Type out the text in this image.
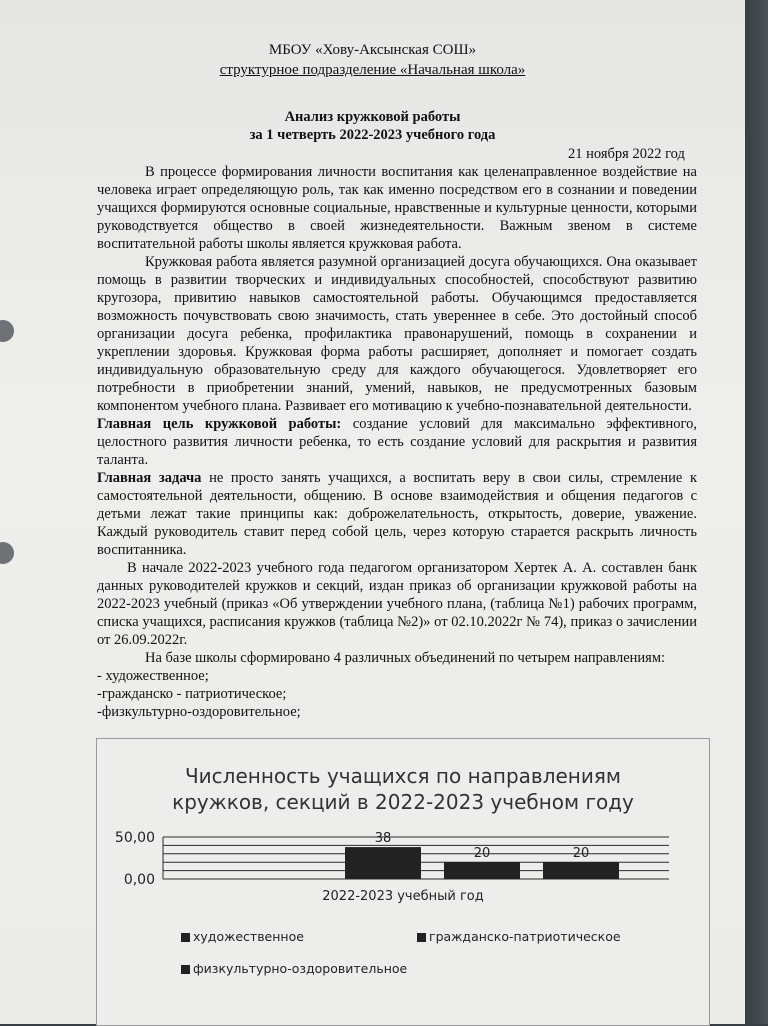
МБОУ «Хову-Аксынская СОШ»
структурное подразделение «Начальная школа»
Анализ кружковой работы
за 1 четверть 2022-2023 учебного года
21 ноября 2022 год

В процессе формирования личности воспитания как целенаправленное воздействие на человека играет определяющую роль, так как именно посредством его в сознании и поведении учащихся формируются основные социальные, нравственные и культурные ценности, которыми руководствуется общество в своей жизнедеятельности. Важным звеном в системе воспитательной работы школы является кружковая работа.

Кружковая работа является разумной организацией досуга обучающихся. Она оказывает помощь в развитии творческих и индивидуальных способностей, способствуют развитию кругозора, привитию навыков самостоятельной работы. Обучающимся предоставляется возможность почувствовать свою значимость, стать увереннее в себе. Это достойный способ организации досуга ребенка, профилактика правонарушений, помощь в сохранении и укреплении здоровья. Кружковая форма работы расширяет, дополняет и помогает создать индивидуальную образовательную среду для каждого обучающегося. Удовлетворяет его потребности в приобретении знаний, умений, навыков, не предусмотренных базовым компонентом учебного плана. Развивает его мотивацию к учебно-познавательной деятельности.

Главная цель кружковой работы: создание условий для максимально эффективного, целостного развития личности ребенка, то есть создание условий для раскрытия и развития таланта.

Главная задача не просто занять учащихся, а воспитать веру в свои силы, стремление к самостоятельной деятельности, общению. В основе взаимодействия и общения педагогов с детьми лежат такие принципы как: доброжелательность, открытость, доверие, уважение. Каждый руководитель ставит перед собой цель, через которую старается раскрыть личность воспитанника.

В начале 2022-2023 учебного года педагогом организатором Хертек А. А. составлен банк данных руководителей кружков и секций, издан приказ об организации кружковой работы на 2022-2023 учебный (приказ «Об утверждении учебного плана, (таблица №1) рабочих программ, списка учащихся, расписания кружков (таблица №2)» от 02.10.2022г № 74), приказ о зачислении от 26.09.2022г.

На базе школы сформировано 4 различных объединений по четырем направлениям:

- художественное;

-гражданско - патриотическое;

-физкультурно-оздоровительное;

Численность учащихся по направлениям
кружков, секций в 2022-2023 учебном году
50,00
0,00
38
20	20
2022-2023 учебный год
художественное	гражданско-патриотическое
физкультурно-оздоровительное
